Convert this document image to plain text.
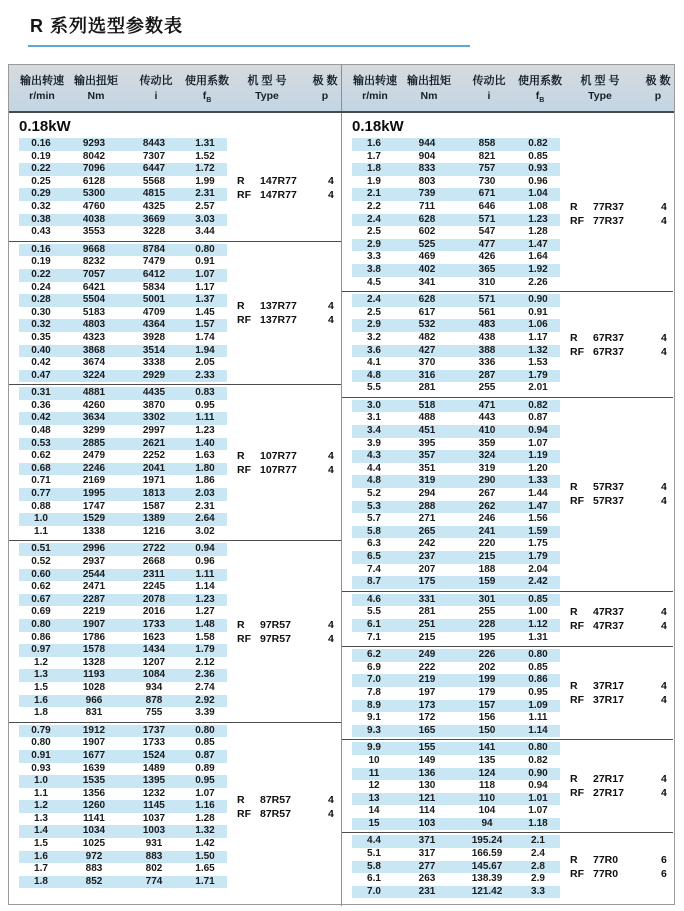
R 系列选型参数表
输出转速
r/min
输出扭矩
Nm
传动比
i
使用系数
$f_B$
机 型 号
Type
极 数
p
输出转速
r/min
输出扭矩
Nm
传动比
i
使用系数
$f_B$
机 型 号
Type
极 数
p
0.18kW
0.16	9293	8443	1.31
0.19	8042	7307	1.52
0.22	7096	6447	1.72
0.25	6128	5568	1.99
0.29	5300	4815	2.31
0.32	4760	4325	2.57
0.38	4038	3669	3.03
0.43	3553	3228	3.44
R	147R77	4
RF 147R77	4
0.16	9668	8784	0.80
0.19	8232	7479	0.91
0.22	7057	6412	1.07
0.24	6421	5834	1.17
0.28	5504	5001	1.37
0.30	5183	4709	1.45
0.32	4803	4364	1.57
0.35	4323	3928	1.74
0.40	3868	3514	1.94
0.42	3674	3338	2.05
0.47	3224	2929	2.33
R	137R77	4
RF 137R77	4
0.31	4881	4435	0.83
0.36	4260	3870	0.95
0.42	3634	3302	1.11
0.48	3299	2997	1.23
0.53	2885	2621	1.40
0.62	2479	2252	1.63
0.68	2246	2041	1.80
0.71	2169	1971	1.86
0.77	1995	1813	2.03
0.88	1747	1587	2.31
1.0	1529	1389	2.64
1.1	1338	1216	3.02
R	107R77	4
RF 107R77	4
0.51	2996	2722	0.94
0.52	2937	2668	0.96
0.60	2544	2311	1.11
0.62	2471	2245	1.14
0.67	2287	2078	1.23
0.69	2219	2016	1.27
0.80	1907	1733	1.48
0.86	1786	1623	1.58
0.97	1578	1434	1.79
1.2	1328	1207	2.12
1.3	1193	1084	2.36
1.5	1028	934	2.74
1.6	966	878	2.92
1.8	831	755	3.39
R	97R57	4
RF 97R57	4
0.79	1912	1737	0.80
0.80	1907	1733	0.85
0.91	1677	1524	0.87
0.93	1639	1489	0.89
1.0	1535	1395	0.95
1.1	1356	1232	1.07
1.2	1260	1145	1.16
1.3	1141	1037	1.28
1.4	1034	1003	1.32
1.5	1025	931	1.42
1.6	972	883	1.50
1.7	883	802	1.65
1.8	852	774	1.71
R	87R57	4
RF 87R57	4
0.18kW
1.6	944	858	0.82
1.7	904	821	0.85
1.8	833	757	0.93
1.9	803	730	0.96
2.1	739	671	1.04
2.2	711	646	1.08
2.4	628	571	1.23
2.5	602	547	1.28
2.9	525	477	1.47
3.3	469	426	1.64
3.8	402	365	1.92
4.5	341	310	2.26
R	77R37	4
RF 77R37	4
2.4	628	571	0.90
2.5	617	561	0.91
2.9	532	483	1.06
3.2	482	438	1.17
3.6	427	388	1.32
4.1	370	336	1.53
4.8	316	287	1.79
5.5	281	255	2.01
R	67R37	4
RF 67R37	4
3.0	518	471	0.82
3.1	488	443	0.87
3.4	451	410	0.94
3.9	395	359	1.07
4.3	357	324	1.19
4.4	351	319	1.20
4.8	319	290	1.33
5.2	294	267	1.44
5.3	288	262	1.47
5.7	271	246	1.56
5.8	265	241	1.59
6.3	242	220	1.75
6.5	237	215	1.79
7.4	207	188	2.04
8.7	175	159	2.42
R	57R37	4
RF 57R37	4
4.6	331	301	0.85
5.5	281	255	1.00
6.1	251	228	1.12
7.1	215	195	1.31
R	47R37	4
RF 47R37	4
6.2	249	226	0.80
6.9	222	202	0.85
7.0	219	199	0.86
7.8	197	179	0.95
8.9	173	157	1.09
9.1	172	156	1.11
9.3	165	150	1.14
R	37R17	4
RF 37R17	4
9.9	155	141	0.80
10	149	135	0.82
11	136	124	0.90
12	130	118	0.94
13	121	110	1.01
14	114	104	1.07
15	103	94	1.18
R	27R17	4
RF 27R17	4
4.4	371	195.24	2.1
5.1	317	166.59	2.4
5.8	277	145.67	2.8
6.1	263	138.39	2.9
7.0	231	121.42	3.3
R	77R0	6
RF 77R0	6
